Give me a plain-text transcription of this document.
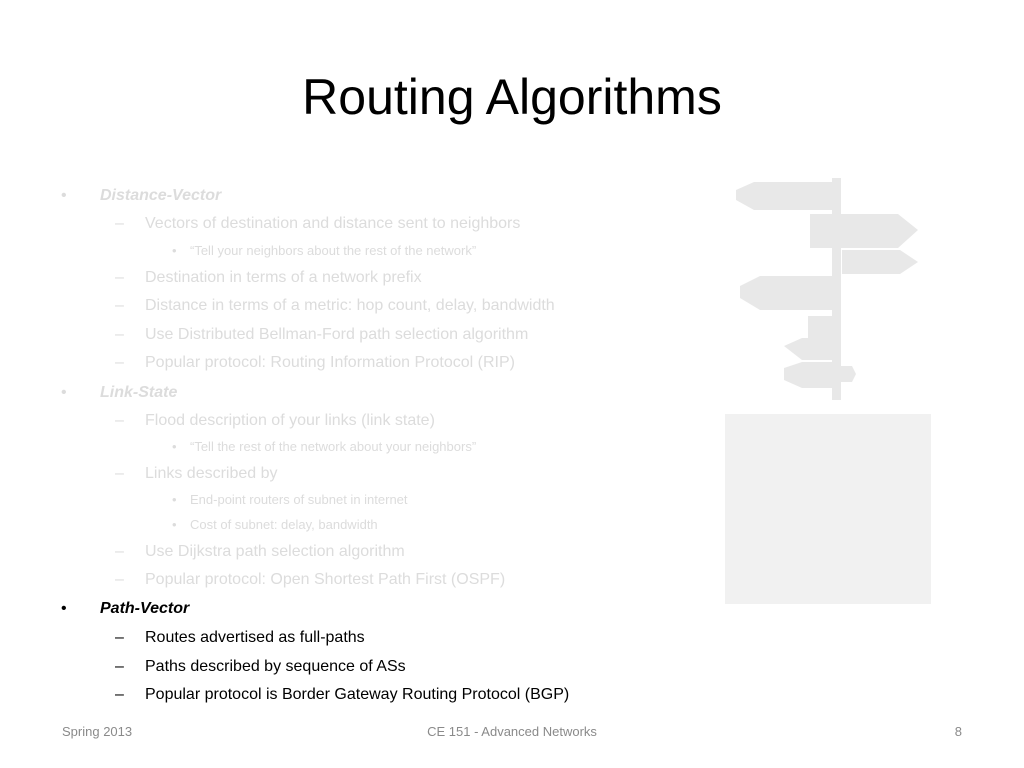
Routing Algorithms
• Distance-Vector
– Vectors of destination and distance sent to neighbors
• “Tell your neighbors about the rest of the network”
– Destination in terms of a network prefix
– Distance in terms of a metric: hop count, delay, bandwidth
– Use Distributed Bellman-Ford path selection algorithm
– Popular protocol: Routing Information Protocol (RIP)
• Link-State
– Flood description of your links (link state)
• “Tell the rest of the network about your neighbors”
– Links described by
• End-point routers of subnet in internet
• Cost of subnet: delay, bandwidth
– Use Dijkstra path selection algorithm
– Popular protocol: Open Shortest Path First (OSPF)
• Path-Vector
– Routes advertised as full-paths
– Paths described by sequence of ASs
– Popular protocol is Border Gateway Routing Protocol (BGP)
Spring 2013	CE 151 - Advanced Networks	8
